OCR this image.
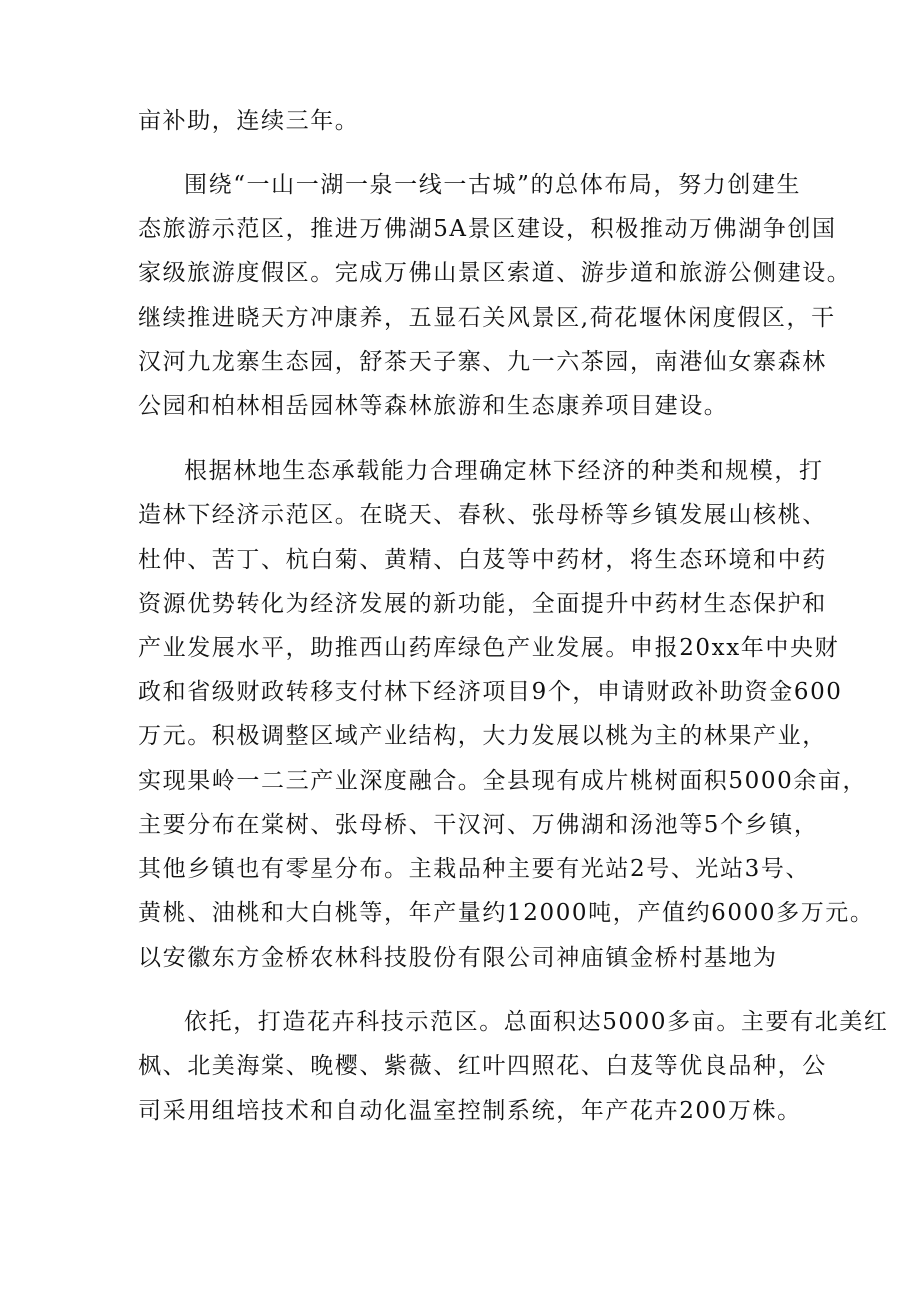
亩补助，连续三年。
围绕“一山一湖一泉一线一古城”的总体布局，努力创建生
态旅游示范区，推进万佛湖5A景区建设，积极推动万佛湖争创国
家级旅游度假区。完成万佛山景区索道、游步道和旅游公侧建设。
继续推进晓天方冲康养，五显石关风景区,荷花堰休闲度假区，干
汉河九龙寨生态园，舒茶天子寨、九一六茶园，南港仙女寨森林
公园和柏林相岳园林等森林旅游和生态康养项目建设。
根据林地生态承载能力合理确定林下经济的种类和规模，打
造林下经济示范区。在晓天、春秋、张母桥等乡镇发展山核桃、
杜仲、苦丁、杭白菊、黄精、白芨等中药材，将生态环境和中药
资源优势转化为经济发展的新功能，全面提升中药材生态保护和
产业发展水平，助推西山药库绿色产业发展。申报20xx年中央财
政和省级财政转移支付林下经济项目9个，申请财政补助资金600
万元。积极调整区域产业结构，大力发展以桃为主的林果产业，
实现果岭一二三产业深度融合。全县现有成片桃树面积5000余亩，
主要分布在棠树、张母桥、干汉河、万佛湖和汤池等5个乡镇，
其他乡镇也有零星分布。主栽品种主要有光站2号、光站3号、
黄桃、油桃和大白桃等，年产量约12000吨，产值约6000多万元。
以安徽东方金桥农林科技股份有限公司神庙镇金桥村基地为
依托，打造花卉科技示范区。总面积达5000多亩。主要有北美红
枫、北美海棠、晚樱、紫薇、红叶四照花、白芨等优良品种，公
司采用组培技术和自动化温室控制系统，年产花卉200万株。
